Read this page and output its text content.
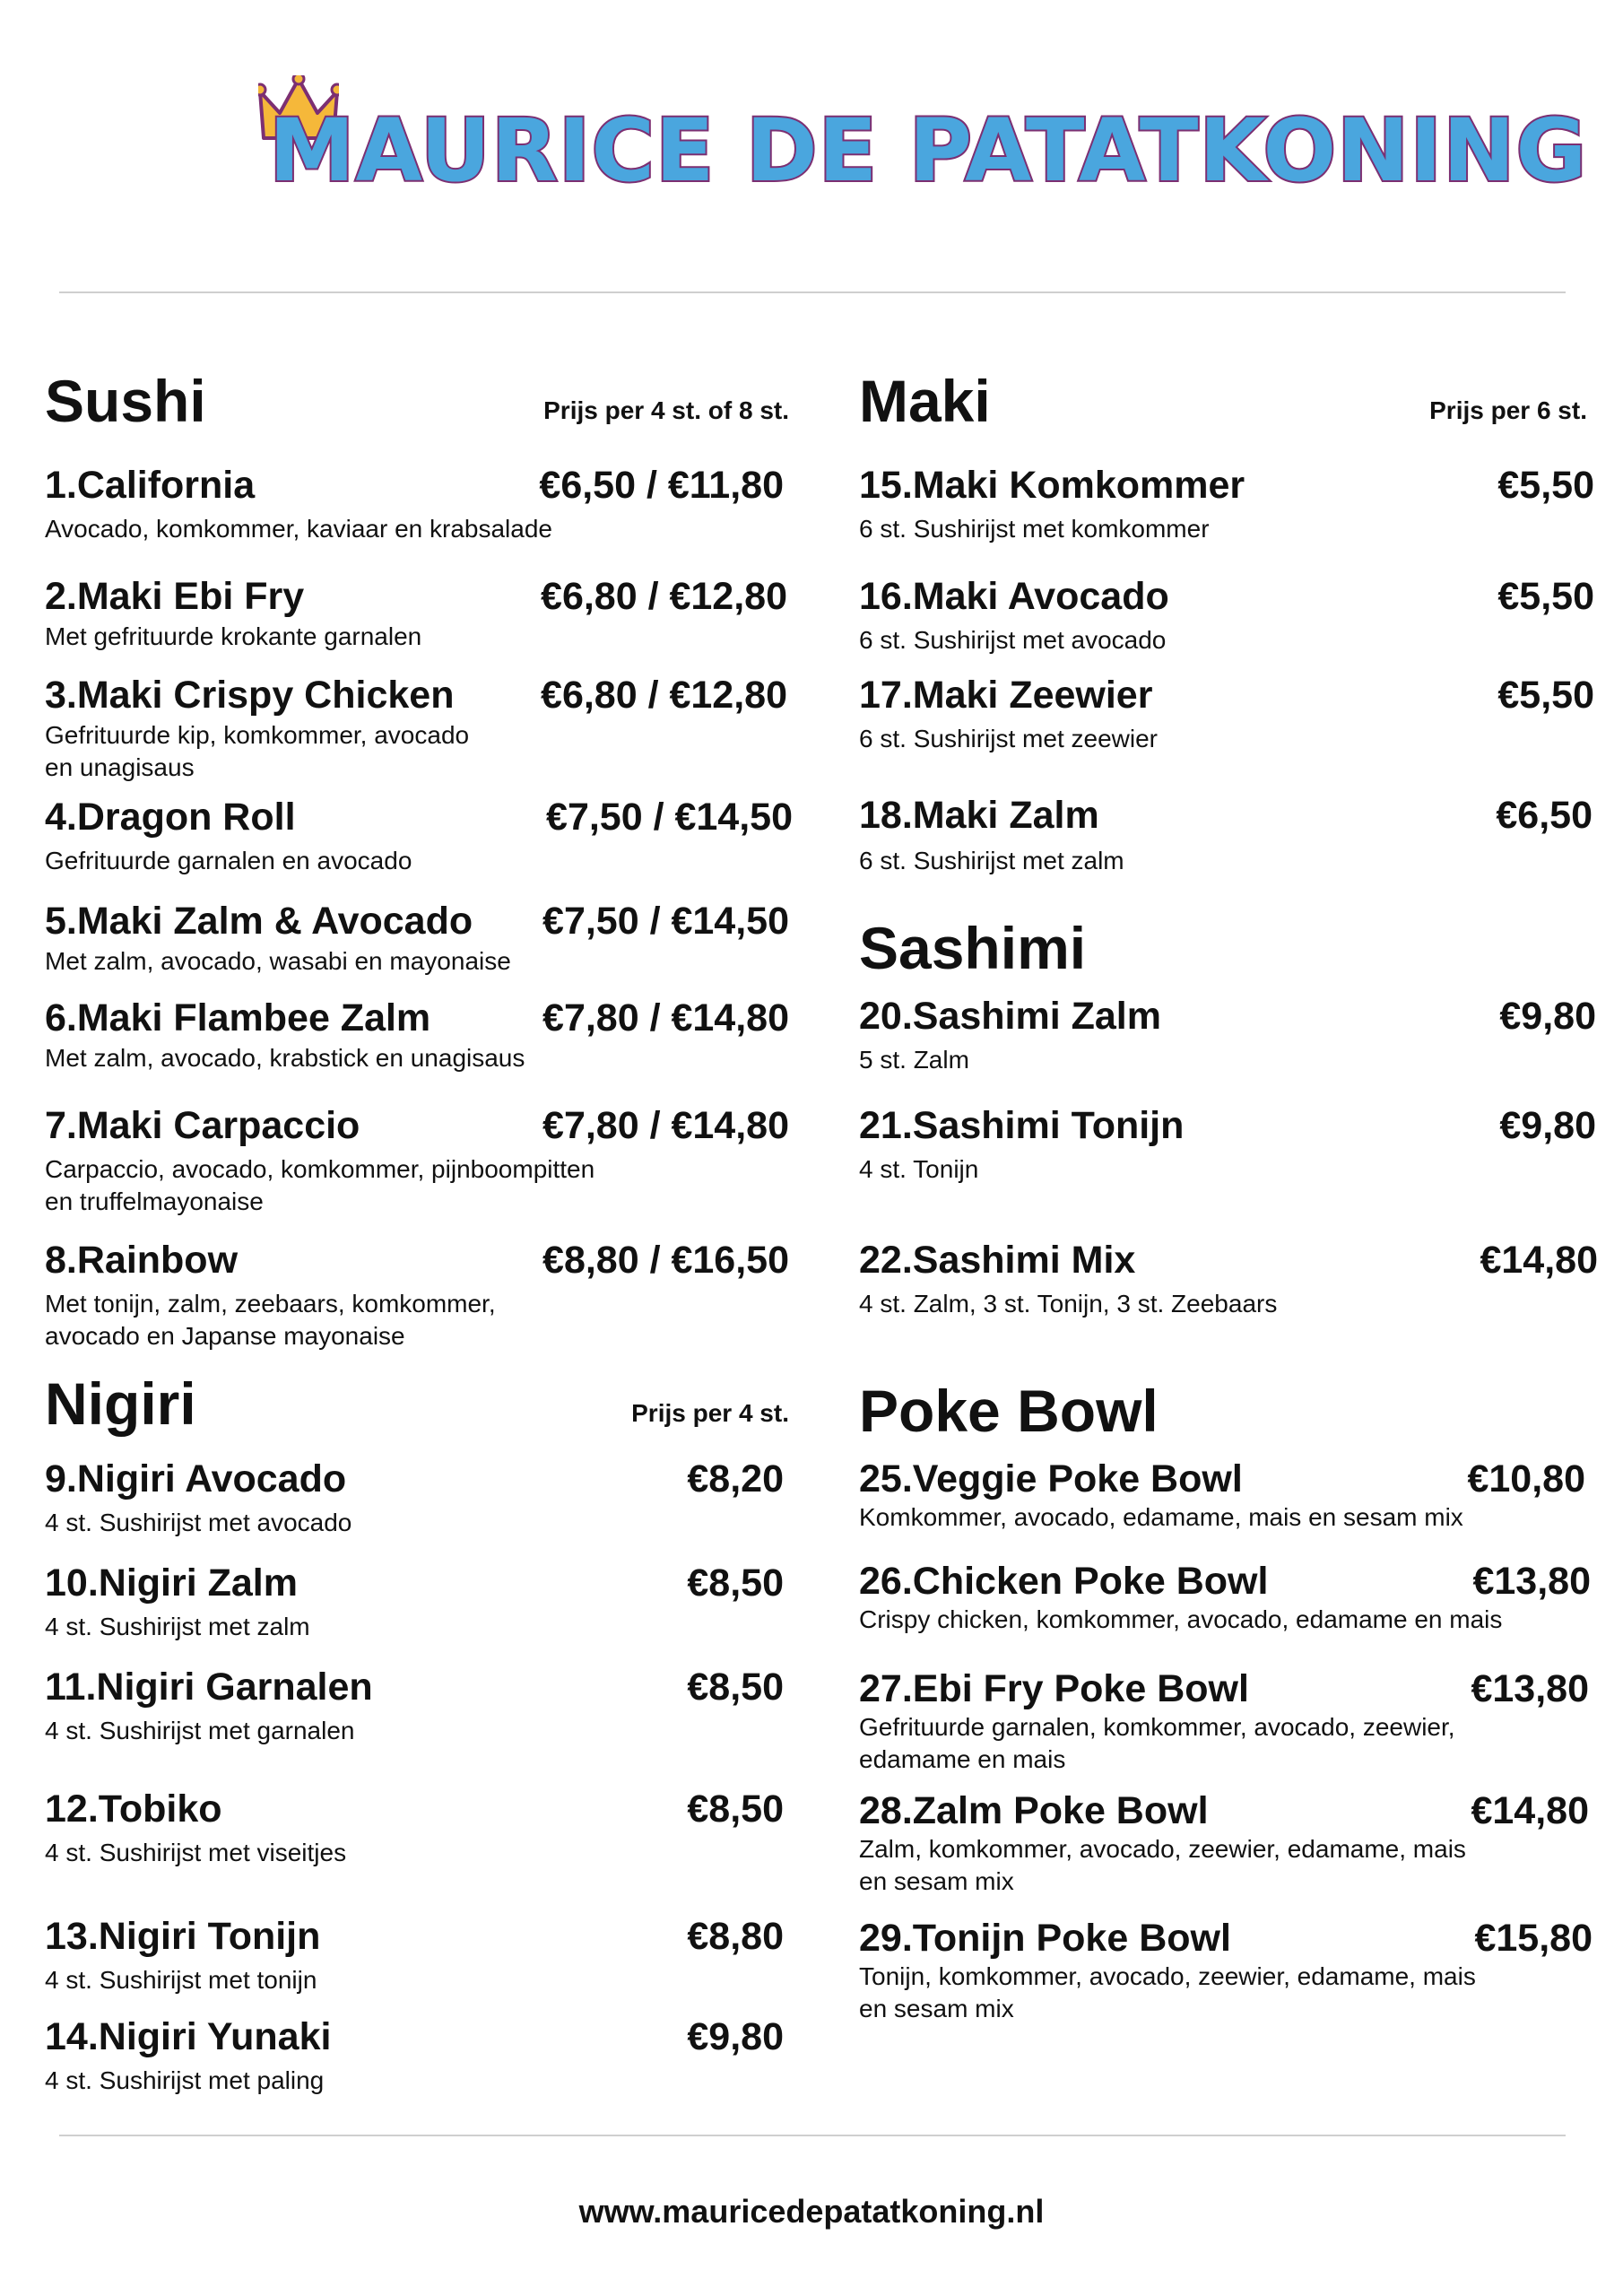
MAURICE DE PATATKONING
Sushi	Prijs per 4 st. of 8 st.
1.California	€6,50 / €11,80
Avocado, komkommer, kaviaar en krabsalade
2.Maki Ebi Fry	€6,80 / €12,80
Met gefrituurde krokante garnalen
3.Maki Crispy Chicken €6,80 / €12,80
Gefrituurde kip, komkommer, avocado
en unagisaus
4.Dragon Roll	€7,50 / €14,50
Gefrituurde garnalen en avocado
5.Maki Zalm & Avocado €7,50 / €14,50
Met zalm, avocado, wasabi en mayonaise
6.Maki Flambee Zalm	€7,80 / €14,80
Met zalm, avocado, krabstick en unagisaus
7.Maki Carpaccio	€7,80 / €14,80
Carpaccio, avocado, komkommer, pijnboompitten
en truffelmayonaise
8.Rainbow	€8,80 / €16,50
Met tonijn, zalm, zeebaars, komkommer,
avocado en Japanse mayonaise
Nigiri	Prijs per 4 st.
9.Nigiri Avocado	€8,20
4 st. Sushirijst met avocado
10.Nigiri Zalm	€8,50
4 st. Sushirijst met zalm
11.Nigiri Garnalen	€8,50
4 st. Sushirijst met garnalen
12.Tobiko	€8,50
4 st. Sushirijst met viseitjes
13.Nigiri Tonijn	€8,80
4 st. Sushirijst met tonijn
14.Nigiri Yunaki	€9,80
4 st. Sushirijst met paling
Maki	Prijs per 6 st.
15.Maki Komkommer	€5,50
6 st. Sushirijst met komkommer
16.Maki Avocado	€5,50
6 st. Sushirijst met avocado
17.Maki Zeewier	€5,50
6 st. Sushirijst met zeewier
18.Maki Zalm	€6,50
6 st. Sushirijst met zalm
Sashimi
20.Sashimi Zalm	€9,80
5 st. Zalm
21.Sashimi Tonijn	€9,80
4 st. Tonijn
22.Sashimi Mix	€14,80
4 st. Zalm, 3 st. Tonijn, 3 st. Zeebaars
Poke Bowl
25.Veggie Poke Bowl	€10,80
Komkommer, avocado, edamame, mais en sesam mix
26.Chicken Poke Bowl	€13,80
Crispy chicken, komkommer, avocado, edamame en mais
27.Ebi Fry Poke Bowl	€13,80
Gefrituurde garnalen, komkommer, avocado, zeewier,
edamame en mais
28.Zalm Poke Bowl	€14,80
Zalm, komkommer, avocado, zeewier, edamame, mais
en sesam mix
29.Tonijn Poke Bowl	€15,80
Tonijn, komkommer, avocado, zeewier, edamame, mais
en sesam mix
www.mauricedepatatkoning.nl
